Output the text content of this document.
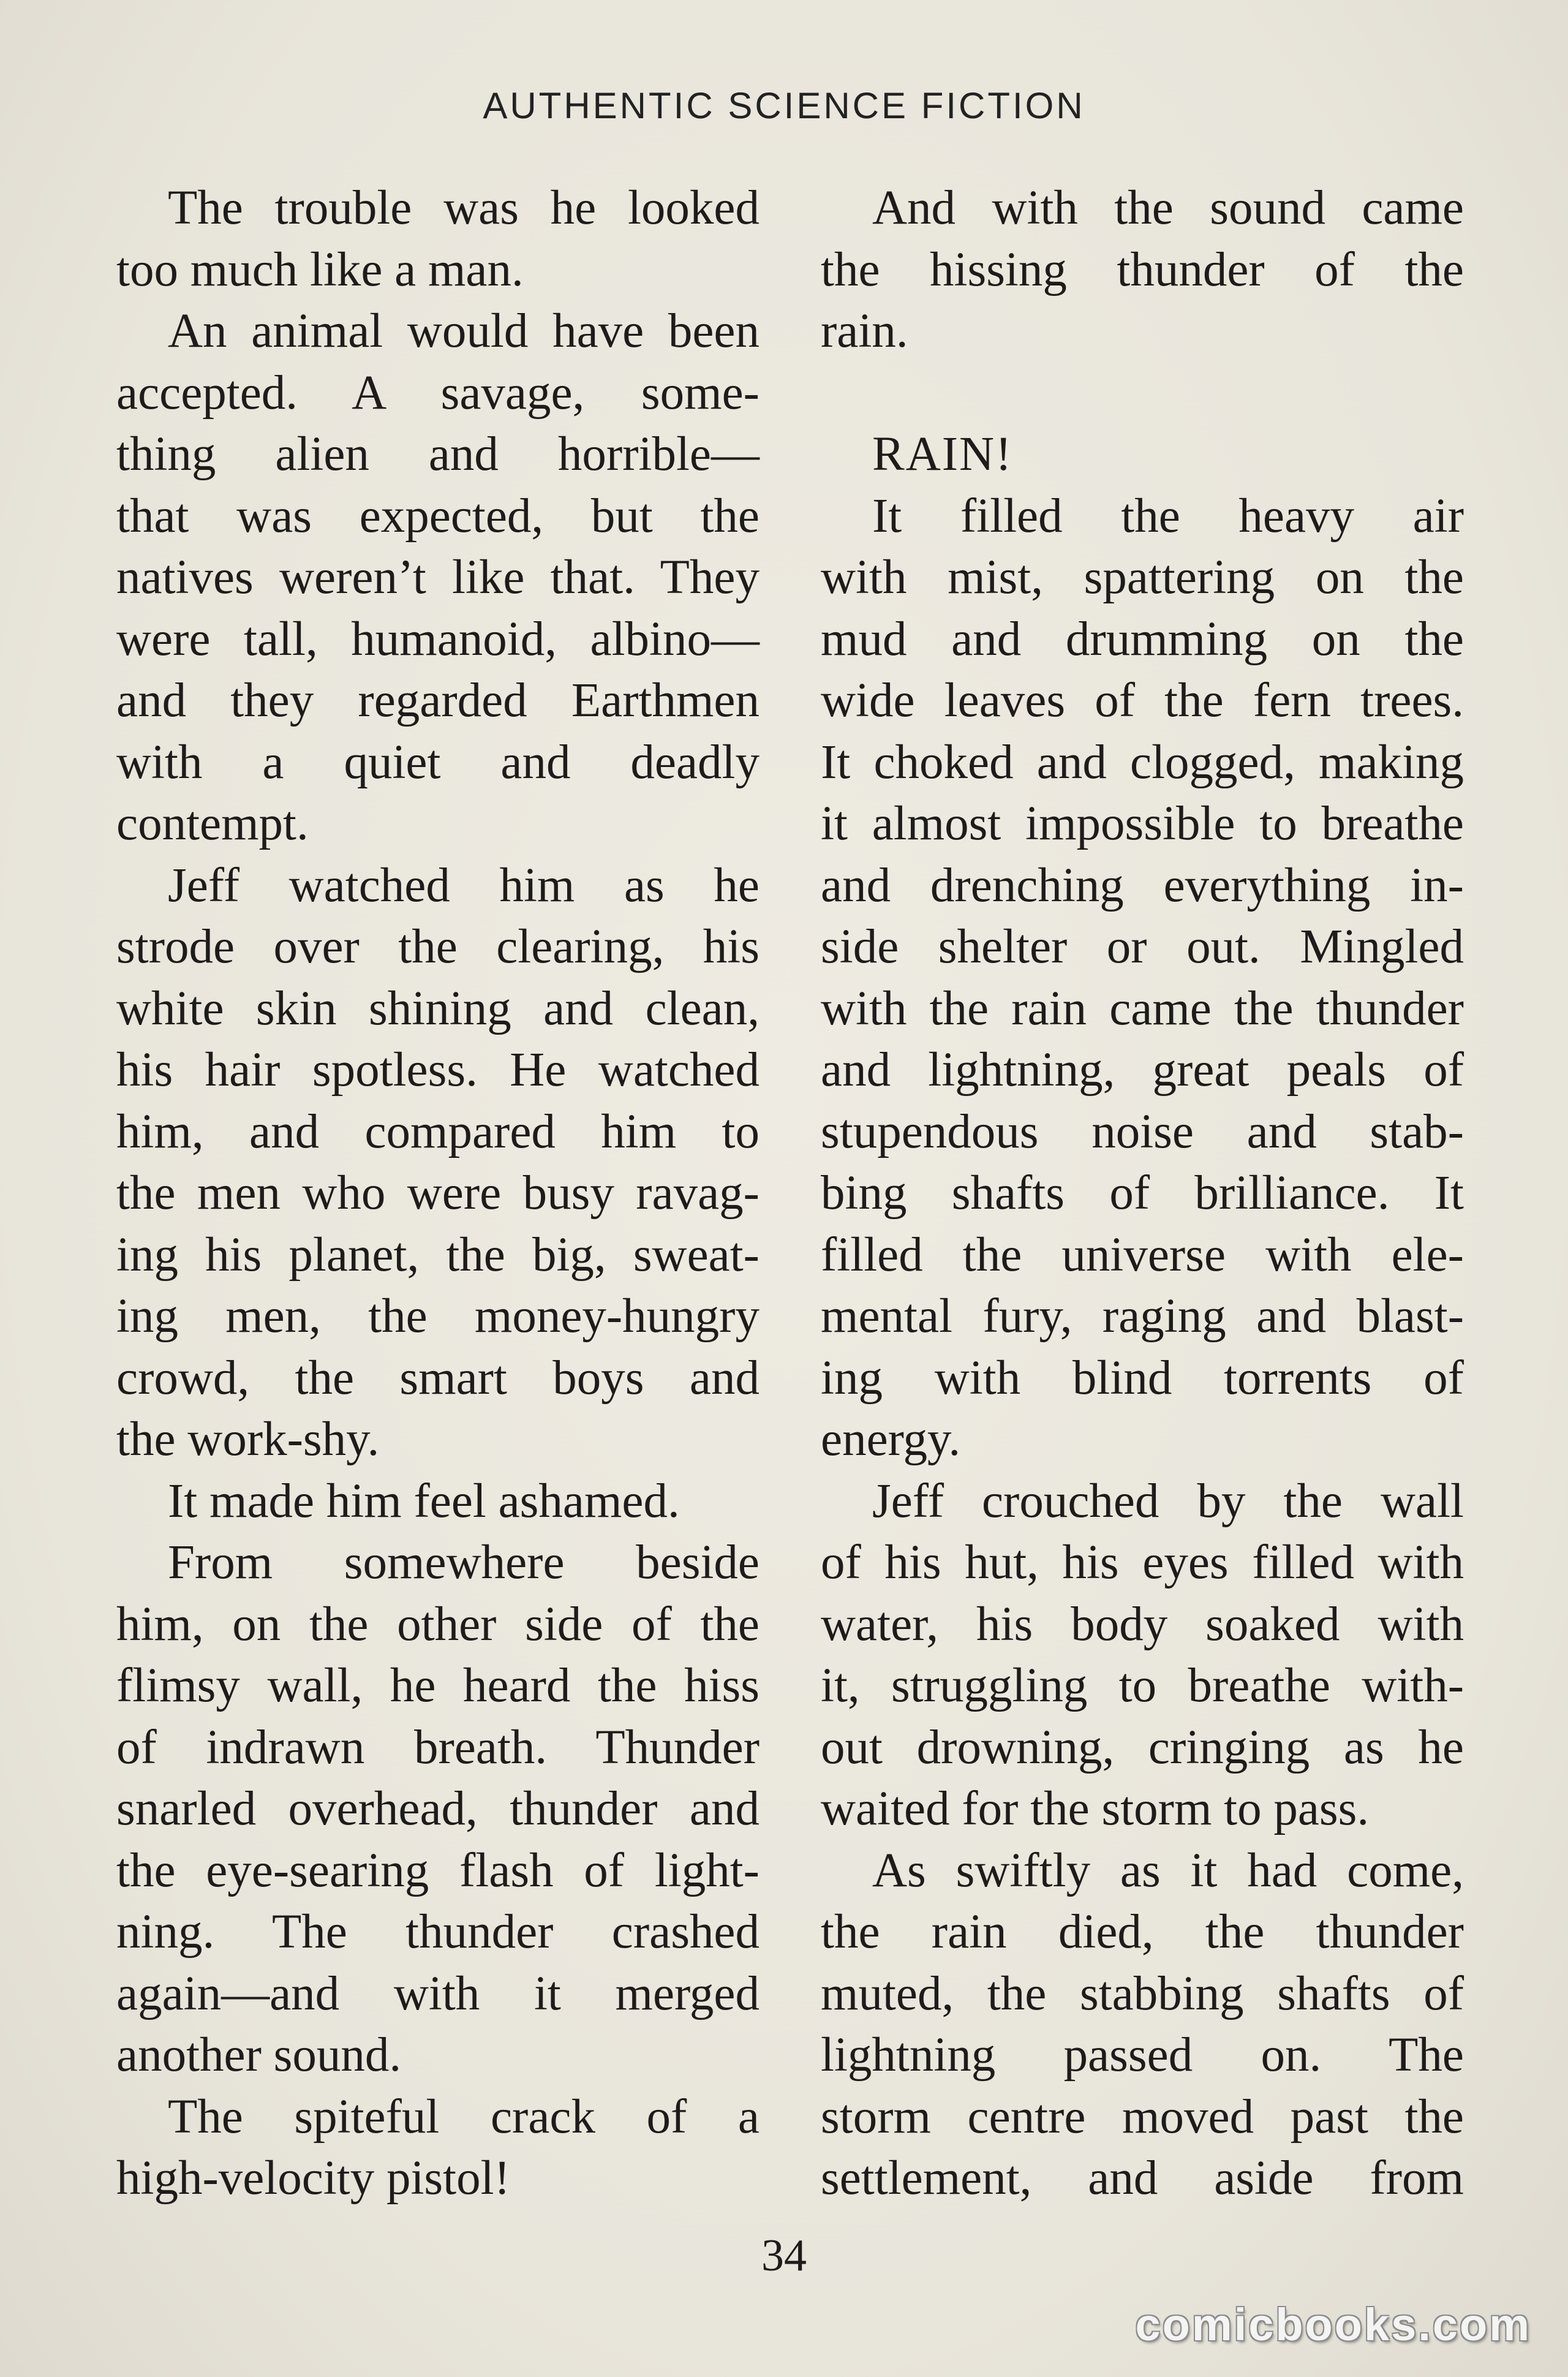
AUTHENTIC SCIENCE FICTION
The trouble was he looked
too much like a man.
An animal would have been
accepted. A savage, some-
thing alien and horrible—
that was expected, but the
natives weren’t like that. They
were tall, humanoid, albino—
and they regarded Earthmen
with a quiet and deadly
contempt.
Jeff watched him as he
strode over the clearing, his
white skin shining and clean,
his hair spotless. He watched
him, and compared him to
the men who were busy ravag-
ing his planet, the big, sweat-
ing men, the money-hungry
crowd, the smart boys and
the work-shy.
It made him feel ashamed.
From somewhere beside
him, on the other side of the
flimsy wall, he heard the hiss
of indrawn breath. Thunder
snarled overhead, thunder and
the eye-searing flash of light-
ning. The thunder crashed
again—and with it merged
another sound.
The spiteful crack of a
high-velocity pistol!
And with the sound came
the hissing thunder of the
rain.
RAIN!
It filled the heavy air
with mist, spattering on the
mud and drumming on the
wide leaves of the fern trees.
It choked and clogged, making
it almost impossible to breathe
and drenching everything in-
side shelter or out. Mingled
with the rain came the thunder
and lightning, great peals of
stupendous noise and stab-
bing shafts of brilliance. It
filled the universe with ele-
mental fury, raging and blast-
ing with blind torrents of
energy.
Jeff crouched by the wall
of his hut, his eyes filled with
water, his body soaked with
it, struggling to breathe with-
out drowning, cringing as he
waited for the storm to pass.
As swiftly as it had come,
the rain died, the thunder
muted, the stabbing shafts of
lightning passed on. The
storm centre moved past the
settlement, and aside from
34
comicbooks.com
